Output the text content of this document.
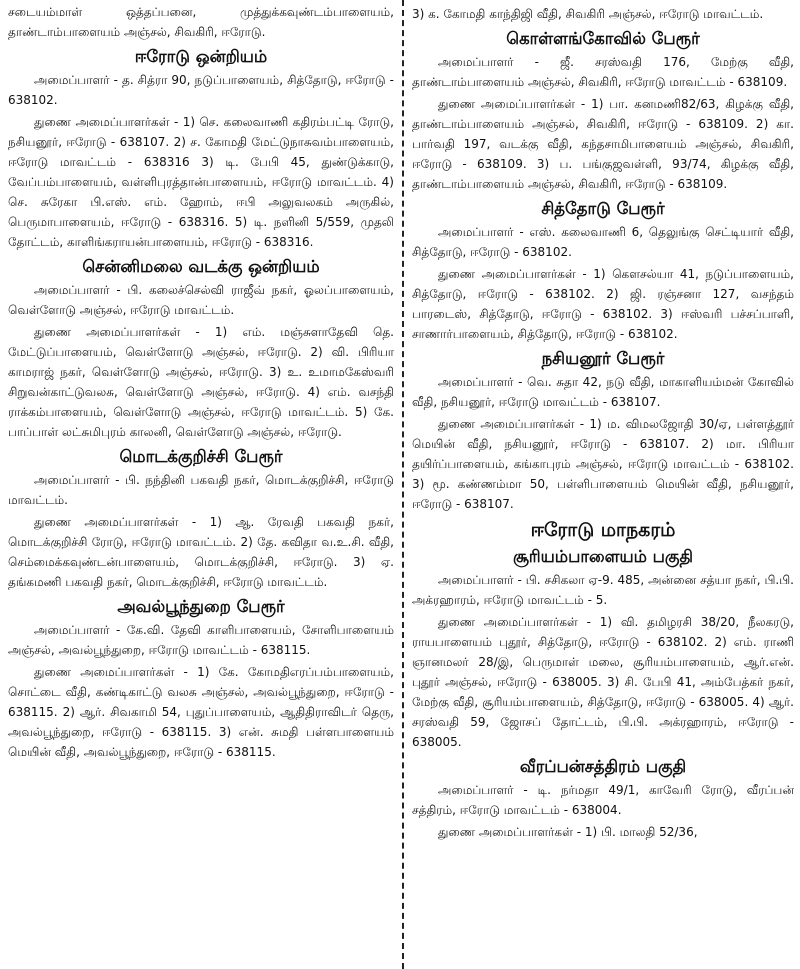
சடையம்மாள் ஒத்தப்பனை, முத்துக்கவுண்டம்பாளையம், தாண்டாம்பாளையம் அஞ்சல், சிவகிரி, ஈரோடு.

ஈரோடு ஒன்றியம்

அமைப்பாளர் - த. சித்ரா 90, நடுப்பாளையம், சித்தோடு, ஈரோடு - 638102.

துணை அமைப்பாளர்கள் - 1) செ. கலைவாணி கதிரம்பட்டி ரோடு, நசியனூர், ஈரோடு - 638107. 2) ச. கோமதி மேட்டுநாசுவம்பாளையம், ஈரோடு மாவட்டம் - 638316 3) டி. பேபி 45, துண்டுக்காடு, வேப்பம்பாளையம், வள்ளிபுரத்தான்பாளையம், ஈரோடு மாவட்டம். 4) செ. சுரேகா பி.எஸ். எம். ஹோம், ஈபி அலுவலகம் அருகில், பெருமாபாளையம், ஈரோடு - 638316. 5) டி. நளினி 5/559, முதலி தோட்டம், காளிங்கராயன்பாளையம், ஈரோடு - 638316.

சென்னிமலை வடக்கு ஒன்றியம்

அமைப்பாளர் - பி. கலைச்செல்வி ராஜீவ் நகர், ஓலப்பாளையம், வெள்ளோடு அஞ்சல், ஈரோடு மாவட்டம்.

துணை அமைப்பாளர்கள் - 1) எம். மஞ்சுளாதேவி தெ. மேட்டுப்பாளையம், வெள்ளோடு அஞ்சல், ஈரோடு. 2) வி. பிரியா காமராஜ் நகர், வெள்ளோடு அஞ்சல், ஈரோடு. 3) உ. உமாமகேஸ்வரி சிறுவன்காட்டுவலசு, வெள்ளோடு அஞ்சல், ஈரோடு. 4) எம். வசந்தி ராக்கம்பாளையம், வெள்ளோடு அஞ்சல், ஈரோடு மாவட்டம். 5) கே. பாப்பாள் லட்சுமிபுரம் காலனி, வெள்ளோடு அஞ்சல், ஈரோடு.

மொடக்குறிச்சி பேரூர்

அமைப்பாளர் - பி. நந்தினி பகவதி நகர், மொடக்குறிச்சி, ஈரோடு மாவட்டம்.

துணை அமைப்பாளர்கள் - 1) ஆ. ரேவதி பகவதி நகர், மொடக்குறிச்சி ரோடு, ஈரோடு மாவட்டம். 2) தே. கவிதா வ.உ.சி. வீதி, செம்மைக்கவுண்டன்பாளையம், மொடக்குறிச்சி, ஈரோடு. 3) ஏ. தங்கமணி பகவதி நகர், மொடக்குறிச்சி, ஈரோடு மாவட்டம்.

அவல்பூந்துறை பேரூர்

அமைப்பாளர் - கே.வி. தேவி காளிபாளையம், சோளிபாளையம் அஞ்சல், அவல்பூந்துறை, ஈரோடு மாவட்டம் - 638115.

துணை அமைப்பாளர்கள் - 1) கே. கோமதிஎரப்பம்பாளையம், சொட்டை வீதி, கண்டிகாட்டு வலசு அஞ்சல், அவல்பூந்துறை, ஈரோடு - 638115. 2) ஆர். சிவகாமி 54, புதுப்பாளையம், ஆதிதிராவிடர் தெரு, அவல்பூந்துறை, ஈரோடு - 638115. 3) என். சுமதி பள்ளபாளையம் மெயின் வீதி, அவல்பூந்துறை, ஈரோடு - 638115.

3) க. கோமதி காந்திஜி வீதி, சிவகிரி அஞ்சல், ஈரோடு மாவட்டம்.

கொள்ளங்கோவில் பேரூர்

அமைப்பாளர் - ஜீ. சரஸ்வதி 176, மேற்கு வீதி, தாண்டாம்பாளையம் அஞ்சல், சிவகிரி, ஈரோடு மாவட்டம் - 638109.

துணை அமைப்பாளர்கள் - 1) பா. கனமணி82/63, கிழக்கு வீதி, தாண்டாம்பாளையம் அஞ்சல், சிவகிரி, ஈரோடு - 638109. 2) கா. பார்வதி 197, வடக்கு வீதி, கந்தசாமிபாளையம் அஞ்சல், சிவகிரி, ஈரோடு - 638109. 3) ப. பங்குஜவள்ளி, 93/74, கிழக்கு வீதி, தாண்டாம்பாளையம் அஞ்சல், சிவகிரி, ஈரோடு - 638109.

சித்தோடு பேரூர்

அமைப்பாளர் - எஸ். கலைவாணி 6, தெலுங்கு செட்டியார் வீதி, சித்தோடு, ஈரோடு - 638102.

துணை அமைப்பாளர்கள் - 1) கௌசல்யா 41, நடுப்பாளையம், சித்தோடு, ஈரோடு - 638102. 2) ஜி. ரஞ்சனா 127, வசந்தம் பாரடைஸ், சித்தோடு, ஈரோடு - 638102. 3) ஈஸ்வரி பச்சப்பாளி, சாணார்பாளையம், சித்தோடு, ஈரோடு - 638102.

நசியனூர் பேரூர்

அமைப்பாளர் - வெ. சுதா 42, நடு வீதி, மாகாளியம்மன் கோவில் வீதி, நசியனூர், ஈரோடு மாவட்டம் - 638107.

துணை அமைப்பாளர்கள் - 1) ம. விமலஜோதி 30/ஏ, பள்ளத்தூர் மெயின் வீதி, நசியனூர், ஈரோடு - 638107. 2) மா. பிரியா தயிர்ப்பாளையம், கங்காபுரம் அஞ்சல், ஈரோடு மாவட்டம் - 638102. 3) மூ. கண்ணம்மா 50, பள்ளிபாளையம் மெயின் வீதி, நசியனூர், ஈரோடு - 638107.

ஈரோடு மாநகரம்
சூரியம்பாளையம் பகுதி

அமைப்பாளர் - பி. சசிகலா ஏ-9. 485, அன்னை சத்யா நகர், பி.பி. அக்ரஹாரம், ஈரோடு மாவட்டம் - 5.

துணை அமைப்பாளர்கள் - 1) வி. தமிழரசி 38/20, நீலகரடு, ராயபாளையம் புதூர், சித்தோடு, ஈரோடு - 638102. 2) எம். ராணி ஞானமலர் 28/இ, பெருமாள் மலை, சூரியம்பாளையம், ஆர்.என். புதூர் அஞ்சல், ஈரோடு - 638005. 3) சி. பேபி 41, அம்பேத்கர் நகர், மேற்கு வீதி, சூரியம்பாளையம், சித்தோடு, ஈரோடு - 638005. 4) ஆர். சரஸ்வதி 59, ஜோசப் தோட்டம், பி.பி. அக்ரஹாரம், ஈரோடு - 638005.

வீரப்பன்சத்திரம் பகுதி

அமைப்பாளர் - டி. நர்மதா 49/1, காவேரி ரோடு, வீரப்பன் சத்திரம், ஈரோடு மாவட்டம் - 638004.

துணை அமைப்பாளர்கள் - 1) பி. மாலதி 52/36,
